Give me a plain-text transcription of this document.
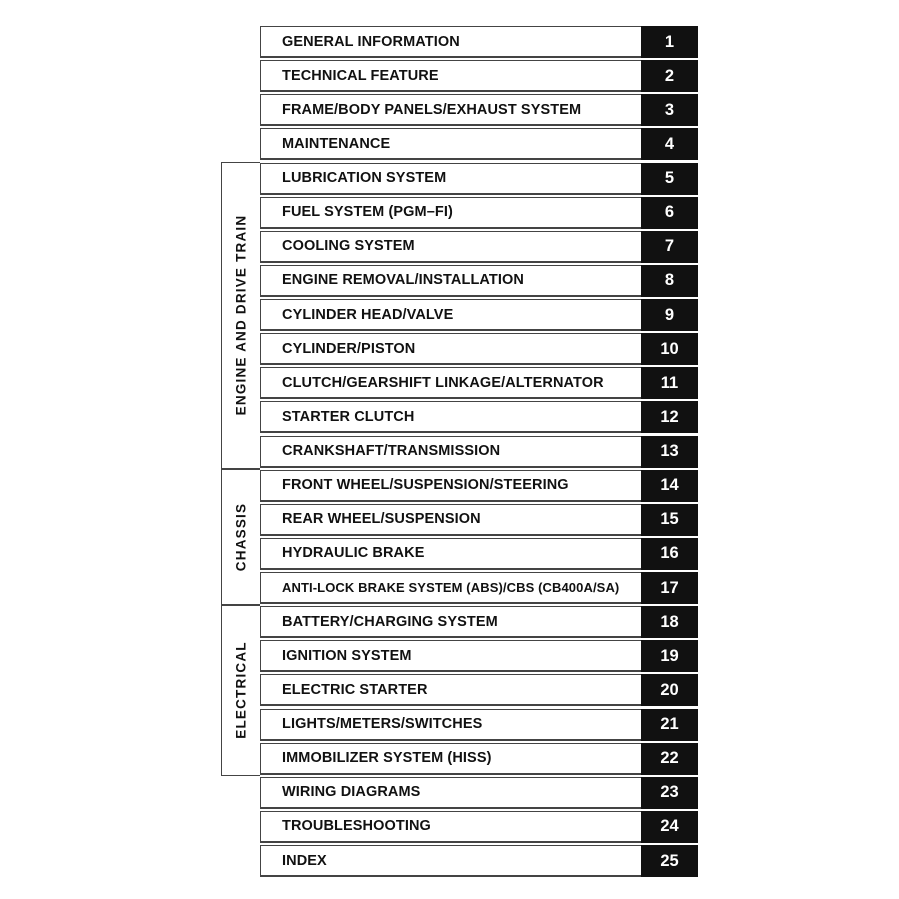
GENERAL INFORMATION	1
TECHNICAL FEATURE	2
FRAME/BODY PANELS/EXHAUST SYSTEM	3
MAINTENANCE	4
LUBRICATION SYSTEM	5
FUEL SYSTEM (PGM–FI)	6
COOLING SYSTEM	7
ENGINE REMOVAL/INSTALLATION	8
CYLINDER HEAD/VALVE	9
CYLINDER/PISTON	10
CLUTCH/GEARSHIFT LINKAGE/ALTERNATOR	11
STARTER CLUTCH	12
CRANKSHAFT/TRANSMISSION	13
FRONT WHEEL/SUSPENSION/STEERING	14
REAR WHEEL/SUSPENSION	15
HYDRAULIC BRAKE	16
ANTI-LOCK BRAKE SYSTEM (ABS)/CBS (CB400A/SA)	17
BATTERY/CHARGING SYSTEM	18
IGNITION SYSTEM	19
ELECTRIC STARTER	20
LIGHTS/METERS/SWITCHES	21
IMMOBILIZER SYSTEM (HISS)	22
WIRING DIAGRAMS	23
TROUBLESHOOTING	24
INDEX	25
ENGINE AND DRIVE TRAIN
CHASSIS
ELECTRICAL
